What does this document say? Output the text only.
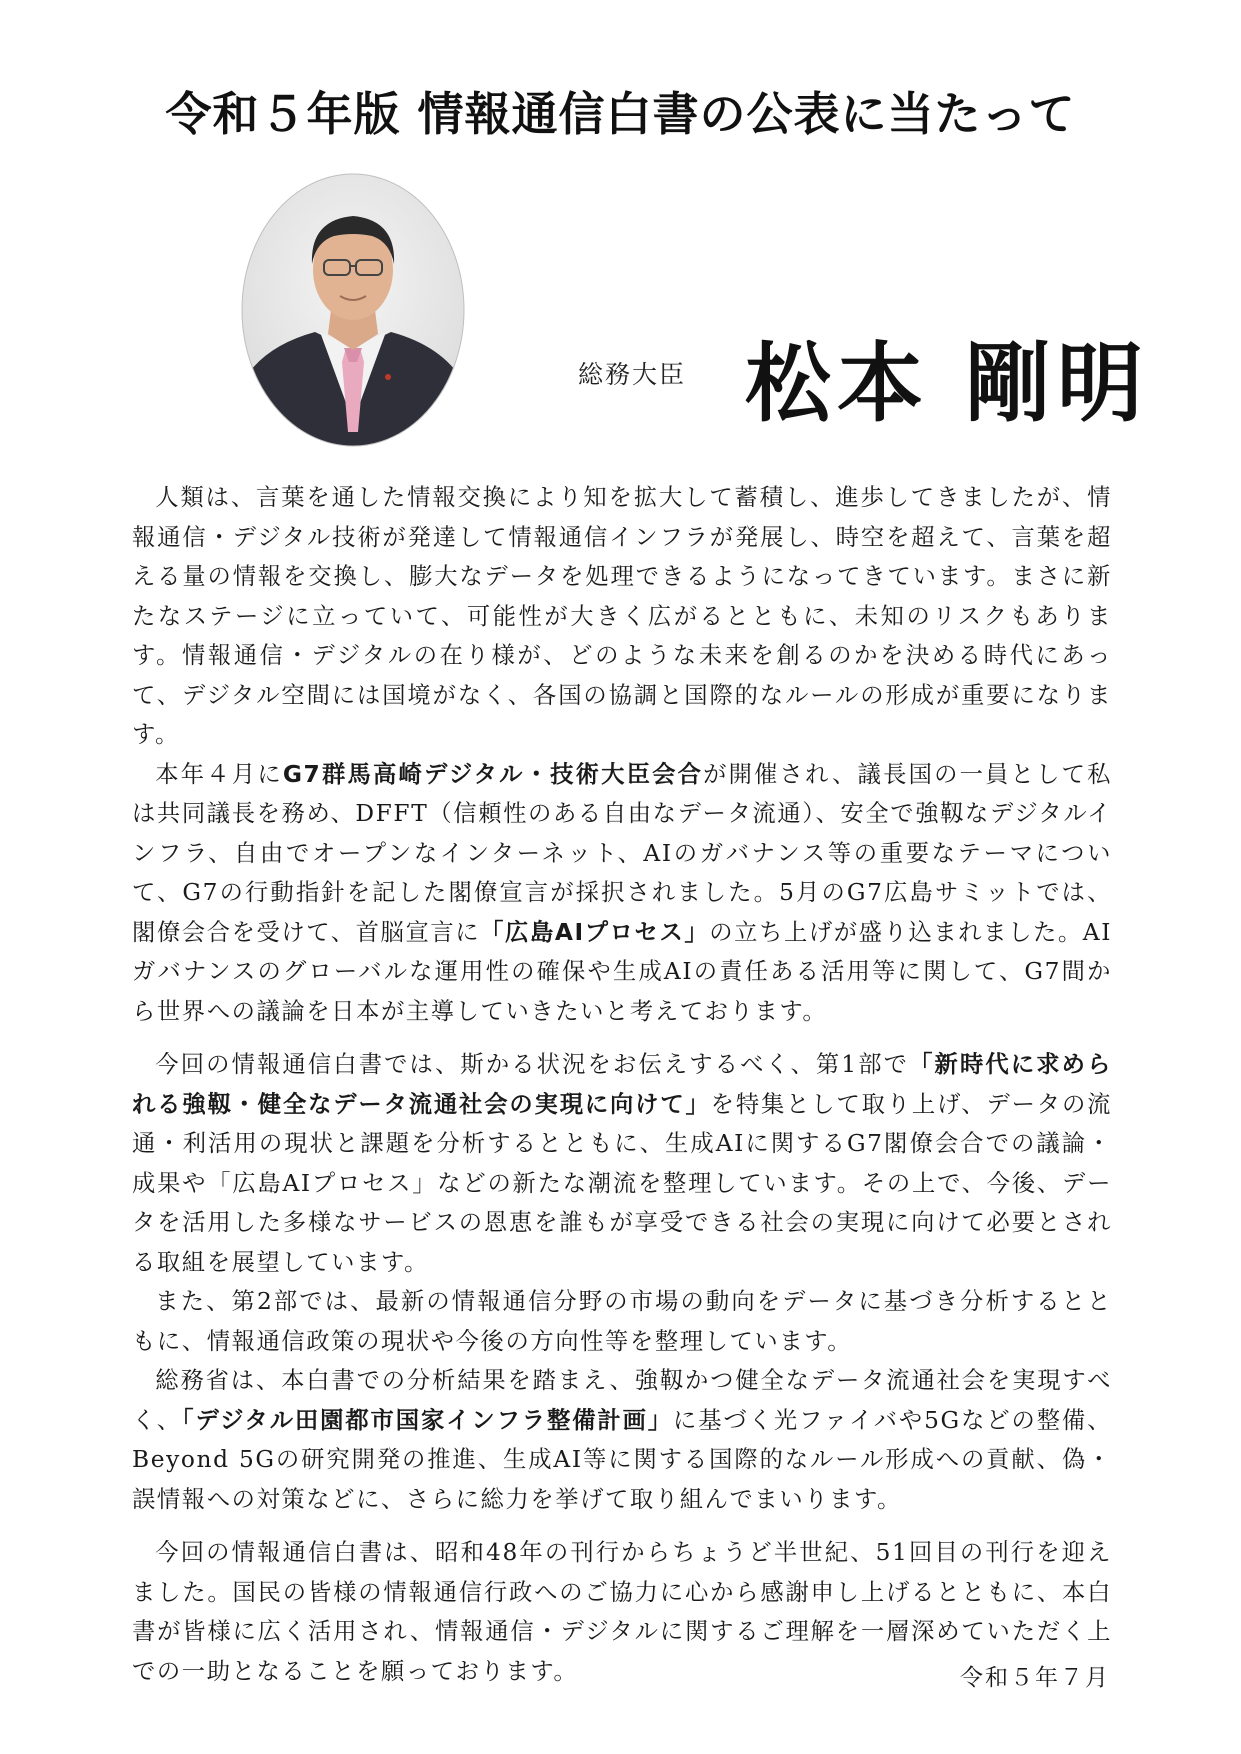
令和５年版 情報通信白書の公表に当たって
総務大臣 松本 剛明

人類は、言葉を通した情報交換により知を拡大して蓄積し、進歩してきましたが、情報通信・デジタル技術が発達して情報通信インフラが発展し、時空を超えて、言葉を超える量の情報を交換し、膨大なデータを処理できるようになってきています。まさに新たなステージに立っていて、可能性が大きく広がるとともに、未知のリスクもあります。情報通信・デジタルの在り様が、どのような未来を創るのかを決める時代にあって、デジタル空間には国境がなく、各国の協調と国際的なルールの形成が重要になります。

本年４月にG7群馬高崎デジタル・技術大臣会合が開催され、議長国の一員として私は共同議長を務め、DFFT（信頼性のある自由なデータ流通）、安全で強靱なデジタルインフラ、自由でオープンなインターネット、AIのガバナンス等の重要なテーマについて、G7の行動指針を記した閣僚宣言が採択されました。5月のG7広島サミットでは、閣僚会合を受けて、首脳宣言に「広島AIプロセス」の立ち上げが盛り込まれました。AIガバナンスのグローバルな運用性の確保や生成AIの責任ある活用等に関して、G7間から世界への議論を日本が主導していきたいと考えております。

今回の情報通信白書では、斯かる状況をお伝えするべく、第1部で「新時代に求められる強靱・健全なデータ流通社会の実現に向けて」を特集として取り上げ、データの流通・利活用の現状と課題を分析するとともに、生成AIに関するG7閣僚会合での議論・成果や「広島AIプロセス」などの新たな潮流を整理しています。その上で、今後、データを活用した多様なサービスの恩恵を誰もが享受できる社会の実現に向けて必要とされる取組を展望しています。

また、第2部では、最新の情報通信分野の市場の動向をデータに基づき分析するとともに、情報通信政策の現状や今後の方向性等を整理しています。

総務省は、本白書での分析結果を踏まえ、強靱かつ健全なデータ流通社会を実現すべく、「デジタル田園都市国家インフラ整備計画」に基づく光ファイバや5Gなどの整備、Beyond 5Gの研究開発の推進、生成AI等に関する国際的なルール形成への貢献、偽・誤情報への対策などに、さらに総力を挙げて取り組んでまいります。

今回の情報通信白書は、昭和48年の刊行からちょうど半世紀、51回目の刊行を迎えました。国民の皆様の情報通信行政へのご協力に心から感謝申し上げるとともに、本白書が皆様に広く活用され、情報通信・デジタルに関するご理解を一層深めていただく上での一助となることを願っております。	令和５年７月
